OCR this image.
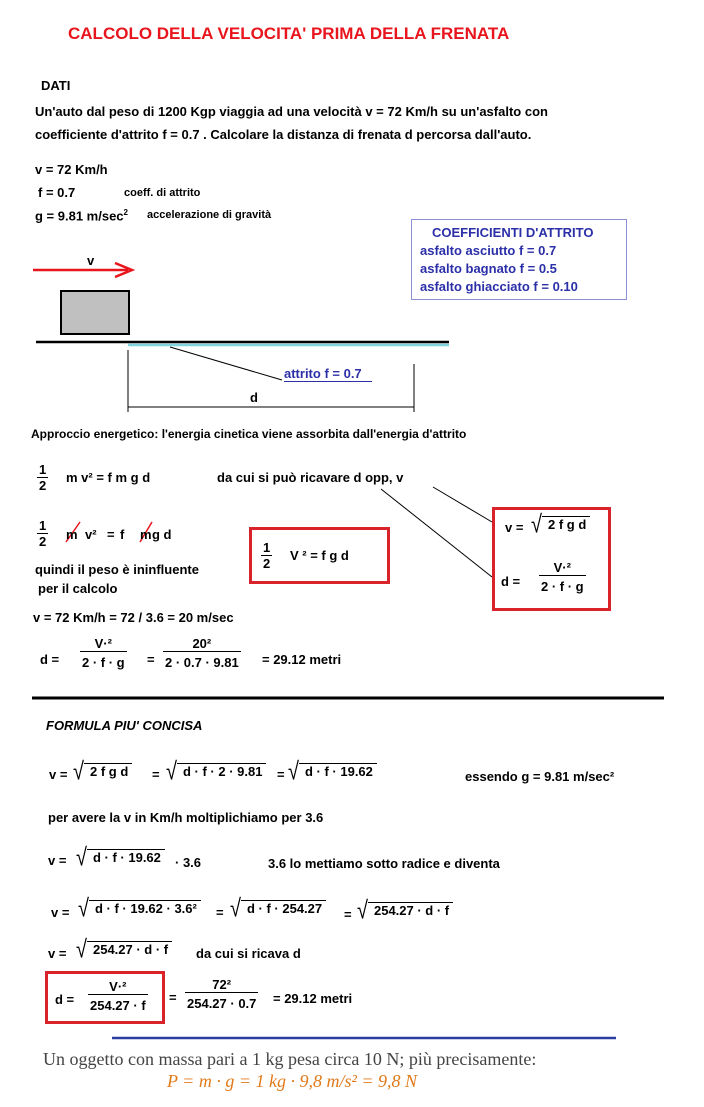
CALCOLO DELLA VELOCITA' PRIMA DELLA FRENATA
DATI
Un'auto dal peso di 1200 Kgp viaggia ad una velocità v = 72 Km/h su un'asfalto con
coefficiente d'attrito f = 0.7 . Calcolare la distanza di frenata d percorsa dall'auto.
v = 72 Km/h
f = 0.7	coeff. di attrito
g = 9.81 $m/\sec^2$ accelerazione di gravità
COEFFICIENTI D'ATTRITO
asfalto asciutto f = 0.7
asfalto bagnato f = 0.5
asfalto ghiacciato f = 0.10
v
attrito f = 0.7
d
Approccio energetico: l'energia cinetica viene assorbita dall'energia d'attrito
1
2
m v² = f m g d	da cui si può ricavare d opp, v
1
2 m v² = f m g d
quindi il peso è ininfluente
per il calcolo
1
2
V ² = f g d
v = √ 2 f g d
d =
V·²
2 · f · g
v = 72 Km/h = 72 / 3.6 = 20 m/sec
d =
V·²
2 · f · g =
20²
2 · 0.7 · 9.81 = 29.12 metri
FORMULA PIU' CONCISA
v = √ 2 f g d	= √ d · f · 2 · 9.81	= √ d · f · 19.62	essendo g = 9.81 m/sec²
per avere la v in Km/h moltiplichiamo per 3.6
v = √ d · f · 19.62	· 3.6	3.6 lo mettiamo sotto radice e diventa
v = √ d · f · 19.62 · 3.6²	= √ d · f · 254.27	= √ 254.27 · d · f
v = √ 254.27 · d · f	da cui si ricava d
d =
V·²
254.27 · f
=
72²
254.27 · 0.7 = 29.12 metri
Un oggetto con massa pari a 1 kg pesa circa 10 N; più precisamente:
P = m · g = 1 kg · 9,8 m/s² = 9,8 N
